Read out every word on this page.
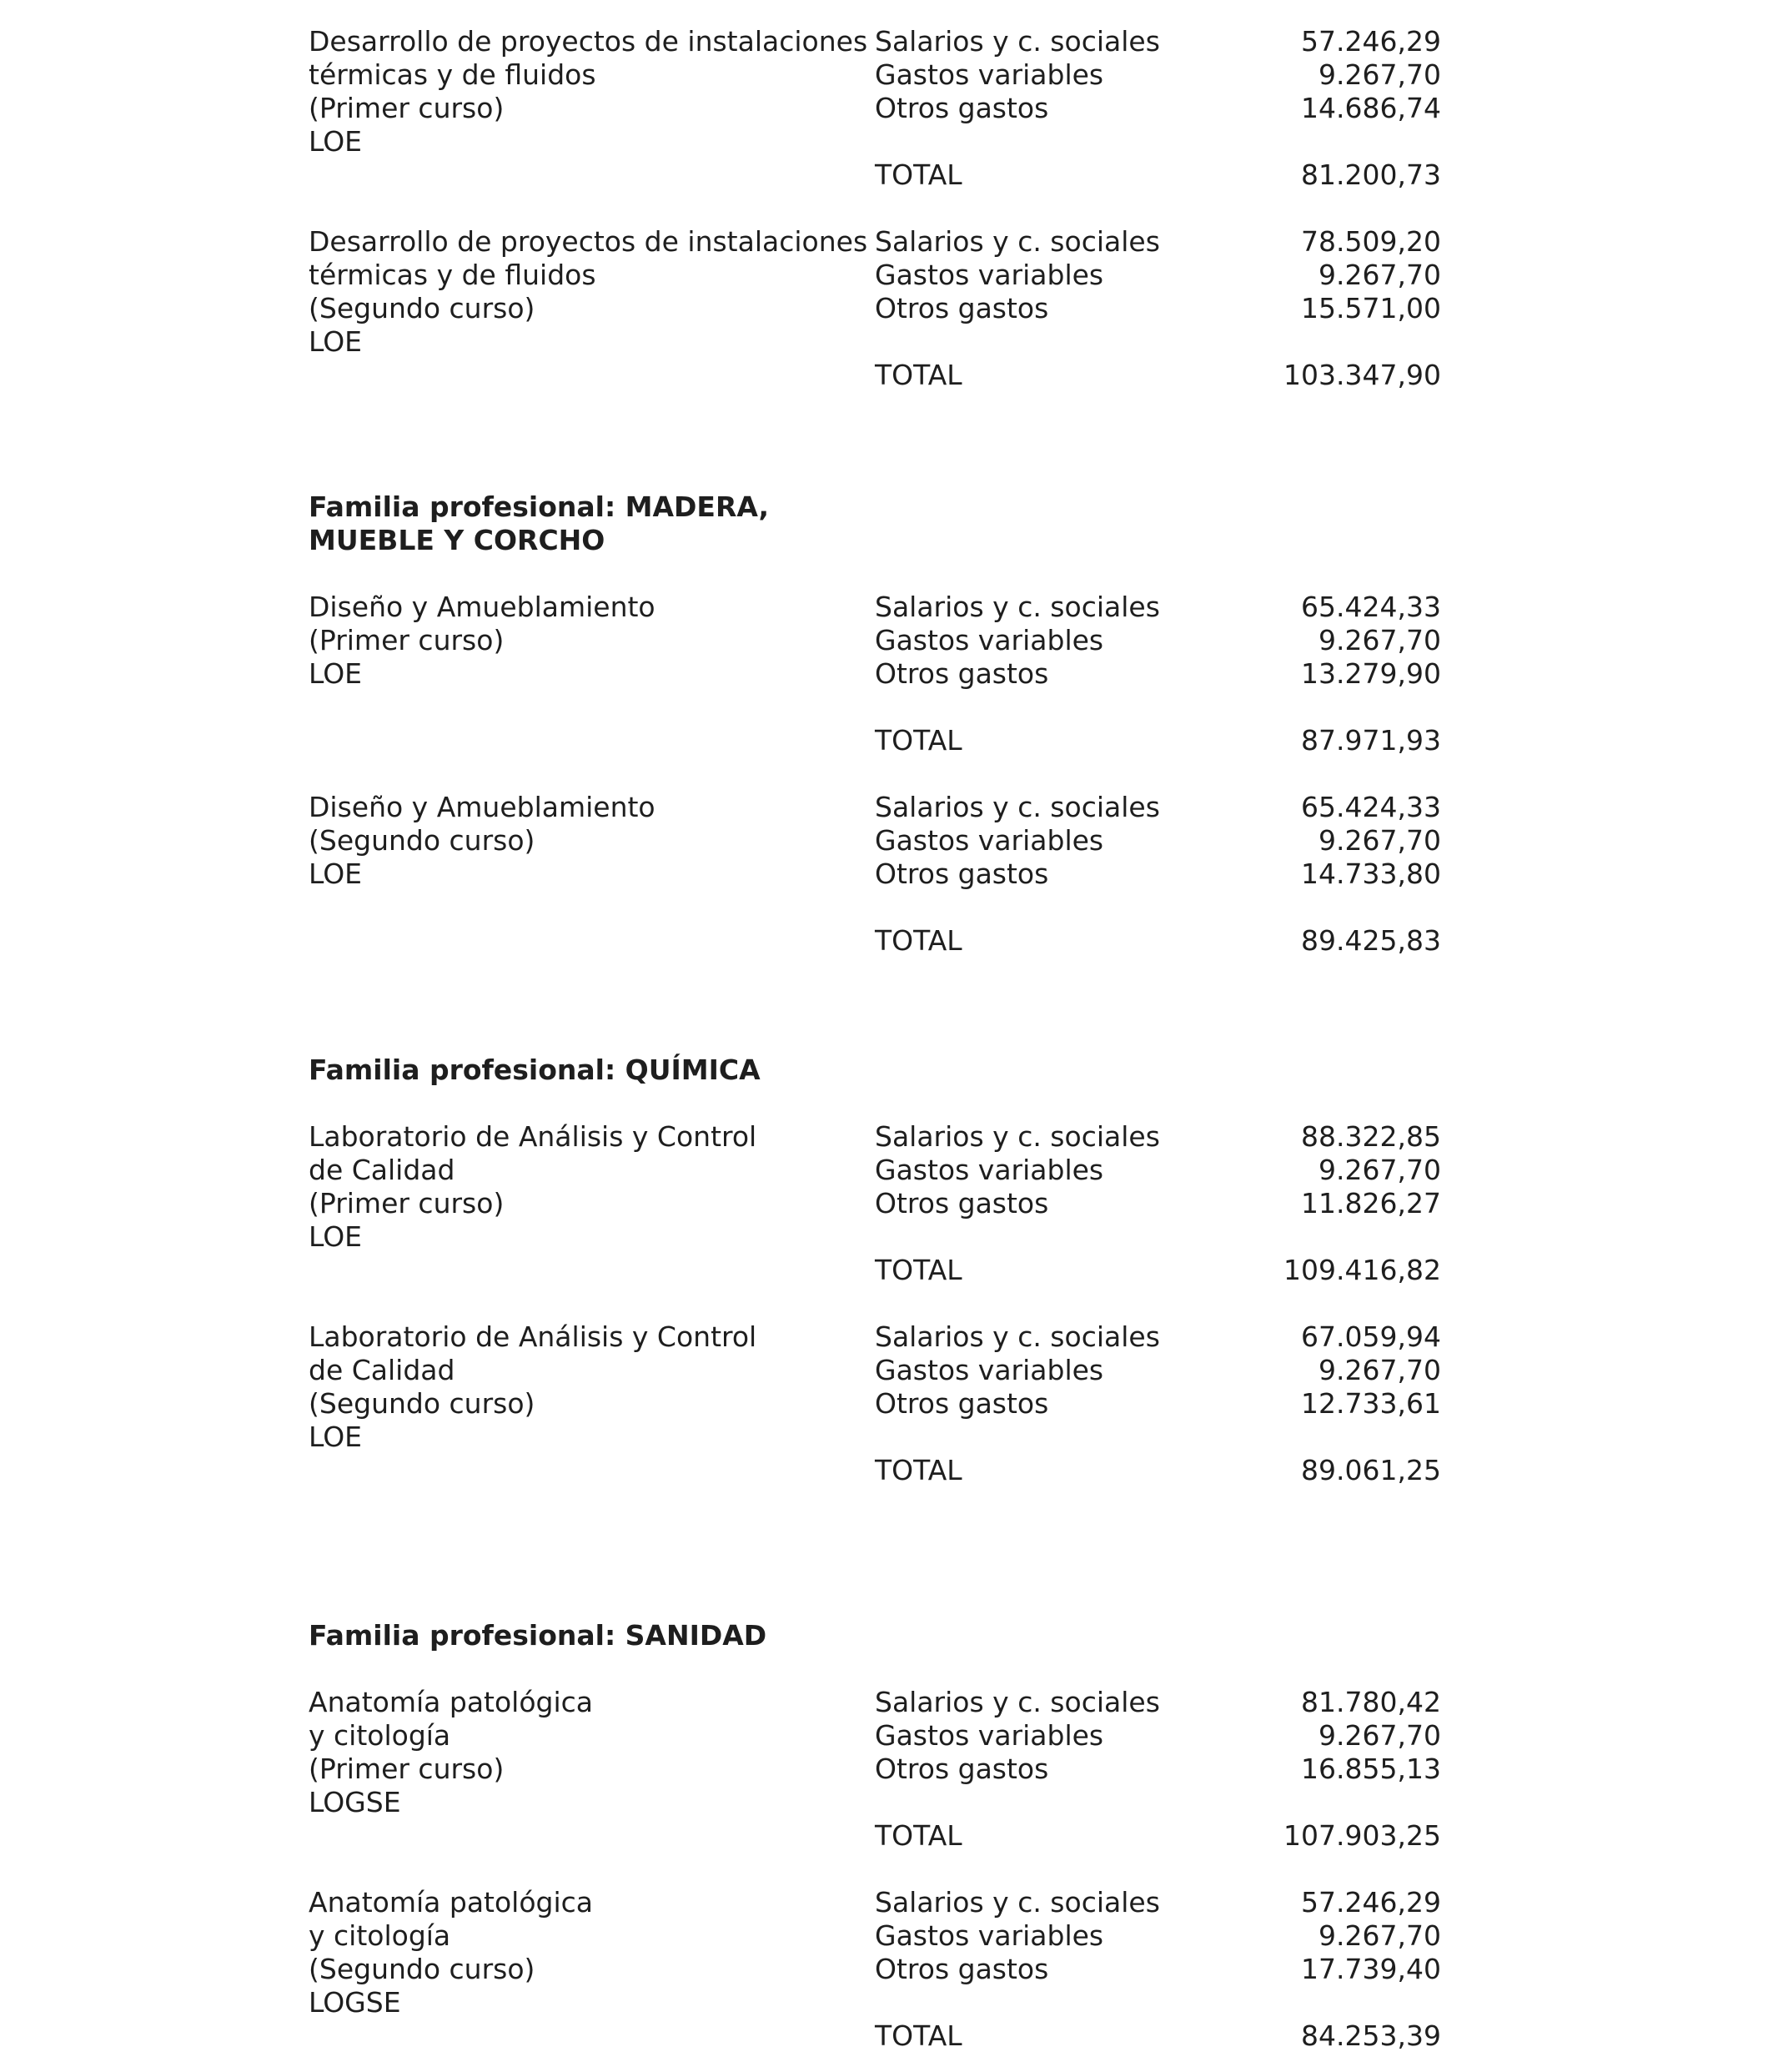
Desarrollo de proyectos de instalaciones
térmicas y de fluidos
(Primer curso)
LOE
Salarios y c. sociales	57.246,29
Gastos variables	9.267,70
Otros gastos	14.686,74
TOTAL	81.200,73
Desarrollo de proyectos de instalaciones
térmicas y de fluidos
(Segundo curso)
LOE
Salarios y c. sociales	78.509,20
Gastos variables	9.267,70
Otros gastos	15.571,00
TOTAL	103.347,90
Familia profesional: MADERA,
MUEBLE Y CORCHO
Diseño y Amueblamiento
(Primer curso)
LOE
Salarios y c. sociales	65.424,33
Gastos variables	9.267,70
Otros gastos	13.279,90
TOTAL	87.971,93
Diseño y Amueblamiento
(Segundo curso)
LOE
Salarios y c. sociales	65.424,33
Gastos variables	9.267,70
Otros gastos	14.733,80
TOTAL	89.425,83
Familia profesional: QUÍMICA
Laboratorio de Análisis y Control
de Calidad
(Primer curso)
LOE
Salarios y c. sociales	88.322,85
Gastos variables	9.267,70
Otros gastos	11.826,27
TOTAL	109.416,82
Laboratorio de Análisis y Control
de Calidad
(Segundo curso)
LOE
Salarios y c. sociales	67.059,94
Gastos variables	9.267,70
Otros gastos	12.733,61
TOTAL	89.061,25
Familia profesional: SANIDAD
Anatomía patológica
y citología
(Primer curso)
LOGSE
Salarios y c. sociales	81.780,42
Gastos variables	9.267,70
Otros gastos	16.855,13
TOTAL	107.903,25
Anatomía patológica
y citología
(Segundo curso)
LOGSE
Salarios y c. sociales	57.246,29
Gastos variables	9.267,70
Otros gastos	17.739,40
TOTAL	84.253,39
